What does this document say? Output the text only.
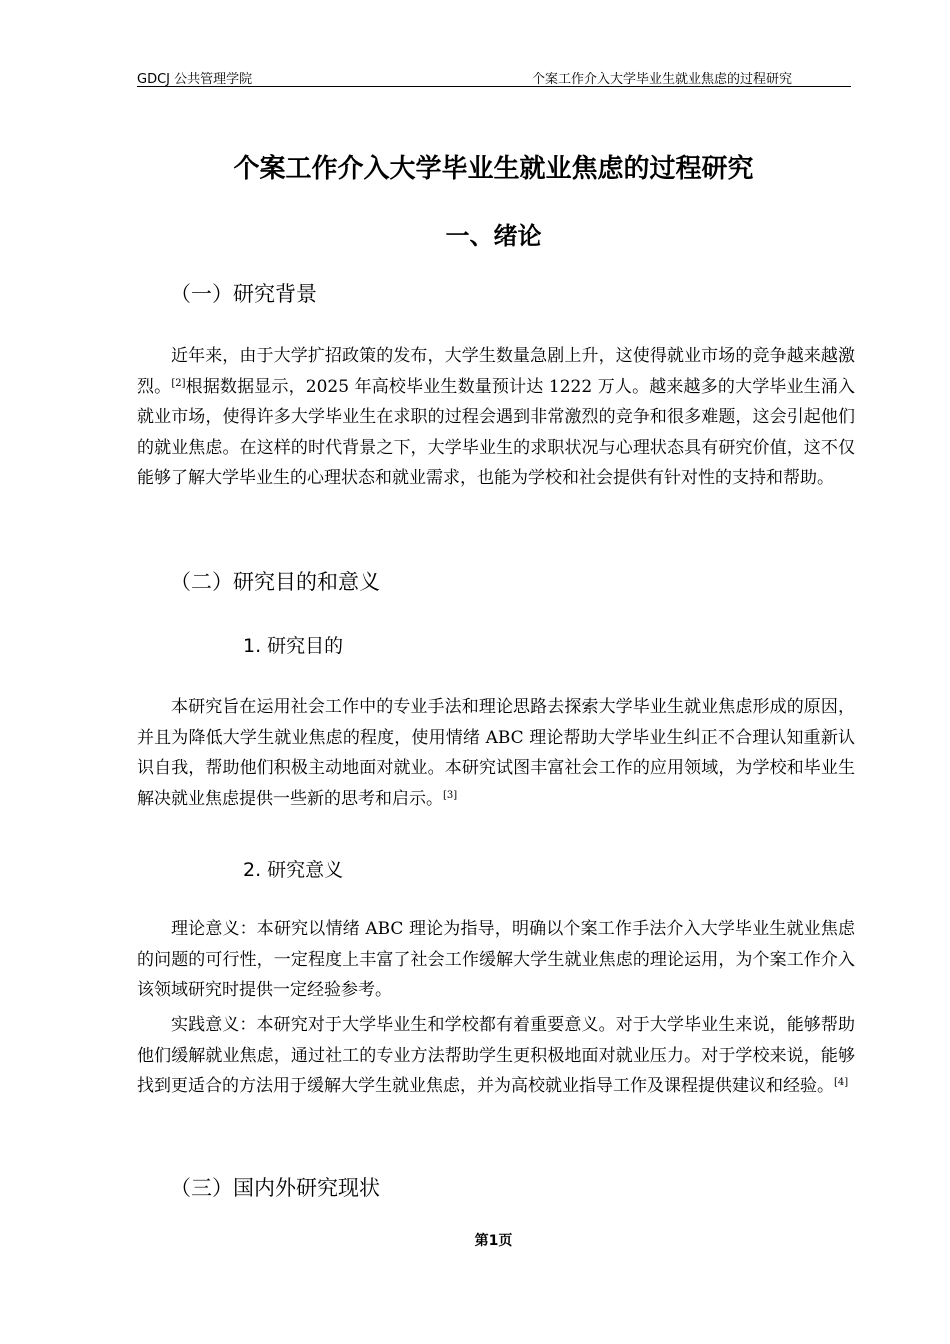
GDCJ 公共管理学院	个案工作介入大学毕业生就业焦虑的过程研究
个案工作介入大学毕业生就业焦虑的过程研究
一、绪论
（一）研究背景

近年来，由于大学扩招政策的发布，大学生数量急剧上升，这使得就业市场的竞争越来越激烈。[2]根据数据显示，2025 年高校毕业生数量预计达 1222 万人。越来越多的大学毕业生涌入就业市场，使得许多大学毕业生在求职的过程会遇到非常激烈的竞争和很多难题，这会引起他们的就业焦虑。在这样的时代背景之下，大学毕业生的求职状况与心理状态具有研究价值，这不仅能够了解大学毕业生的心理状态和就业需求，也能为学校和社会提供有针对性的支持和帮助。

（二）研究目的和意义
1. 研究目的

本研究旨在运用社会工作中的专业手法和理论思路去探索大学毕业生就业焦虑形成的原因，并且为降低大学生就业焦虑的程度，使用情绪 ABC 理论帮助大学毕业生纠正不合理认知重新认识自我，帮助他们积极主动地面对就业。本研究试图丰富社会工作的应用领域，为学校和毕业生解决就业焦虑提供一些新的思考和启示。[3]

2. 研究意义

理论意义：本研究以情绪 ABC 理论为指导，明确以个案工作手法介入大学毕业生就业焦虑的问题的可行性，一定程度上丰富了社会工作缓解大学生就业焦虑的理论运用，为个案工作介入该领域研究时提供一定经验参考。

实践意义：本研究对于大学毕业生和学校都有着重要意义。对于大学毕业生来说，能够帮助他们缓解就业焦虑，通过社工的专业方法帮助学生更积极地面对就业压力。对于学校来说，能够找到更适合的方法用于缓解大学生就业焦虑，并为高校就业指导工作及课程提供建议和经验。[4]

（三）国内外研究现状
第1页
